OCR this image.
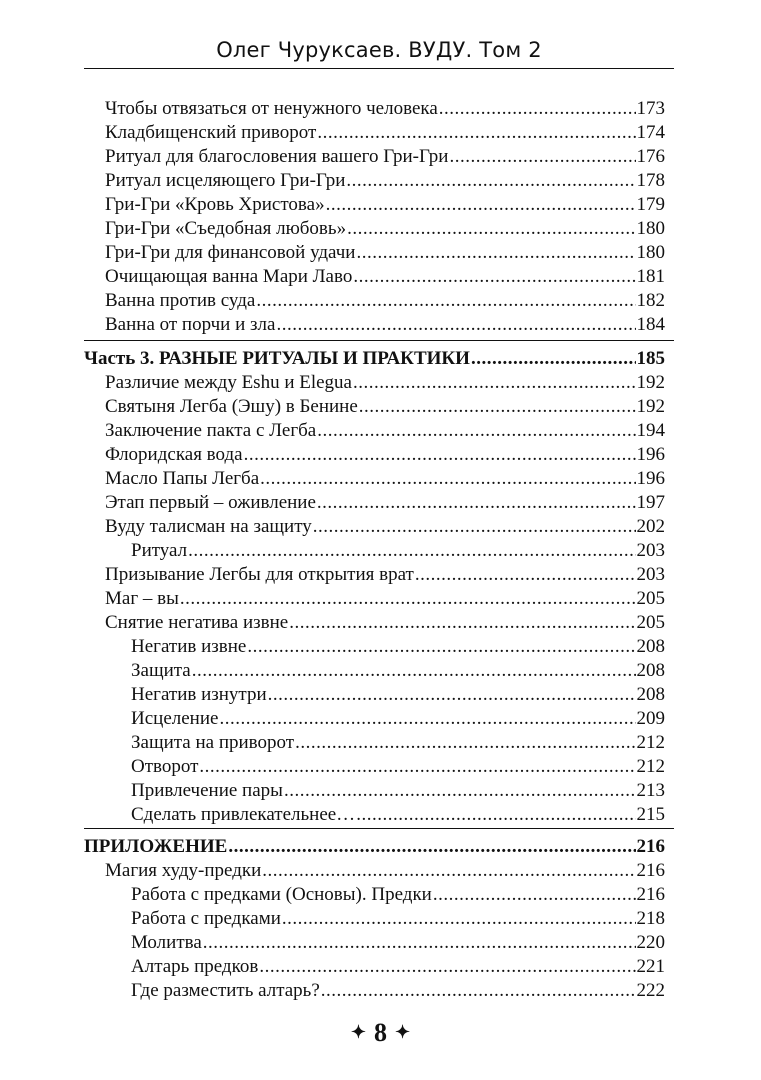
Олег Чуруксаев. ВУДУ. Том 2
Чтобы отвязаться от ненужного человека .....	173
Кладбищенский приворот .....	174
Ритуал для благословения вашего Гри-Гри .....	176
Ритуал исцеляющего Гри-Гри .....	178
Гри-Гри «Кровь Христова» .....	179
Гри-Гри «Съедобная любовь» .....	180
Гри-Гри для финансовой удачи .....	180
Очищающая ванна Мари Лаво .....	181
Ванна против суда .....	182
Ванна от порчи и зла .....	184
Часть 3. РАЗНЫЕ РИТУАЛЫ И ПРАКТИКИ .....	185
Различие между Eshu и Elegua .....	192
Святыня Легба (Эшу) в Бенине .....	192
Заключение пакта с Легба .....	194
Флоридская вода .....	196
Масло Папы Легба .....	196
Этап первый – оживление .....	197
Вуду талисман на защиту .....	202
Ритуал .....	203
Призывание Легбы для открытия врат .....	203
Маг – вы .....	205
Снятие негатива извне .....	205
Негатив извне .....	208
Защита .....	208
Негатив изнутри .....	208
Исцеление .....	209
Защита на приворот .....	212
Отворот .....	212
Привлечение пары .....	213
Сделать привлекательнее… .....	215
ПРИЛОЖЕНИЕ .....	216
Магия худу-предки .....	216
Работа с предками (Основы). Предки .....	216
Работа с предками .....	218
Молитва .....	220
Алтарь предков .....	221
Где разместить алтарь? .....	222
✦ 8 ✦
